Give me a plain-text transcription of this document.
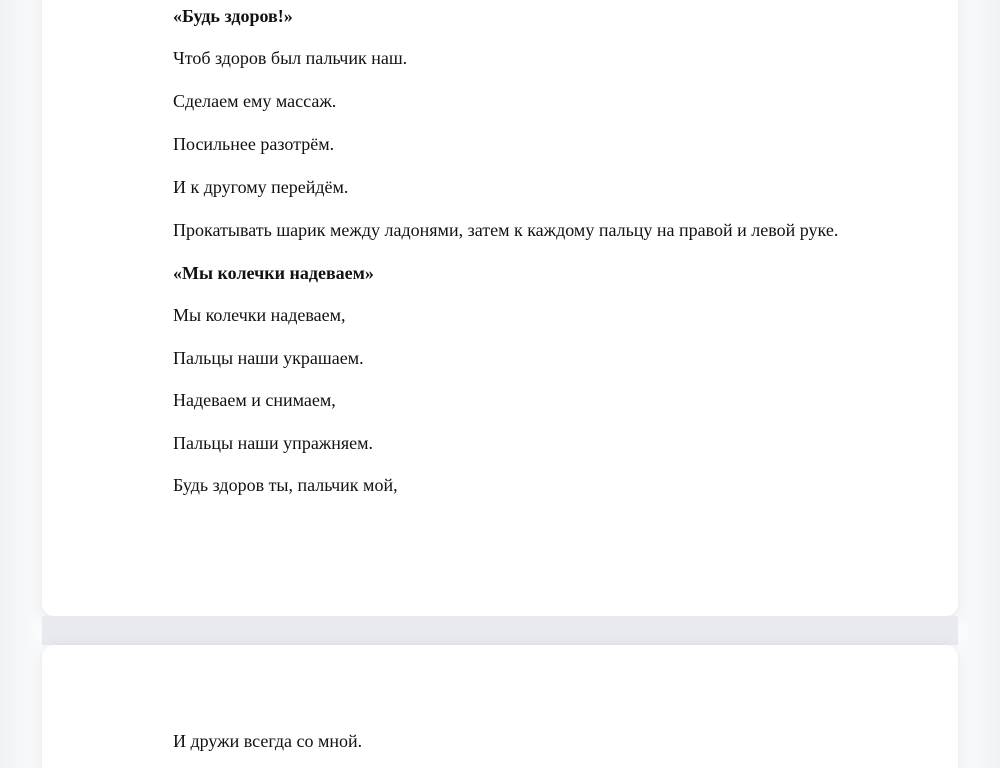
«Будь здоров!»

Чтоб здоров был пальчик наш.

Сделаем ему массаж.

Посильнее разотрём.

И к другому перейдём.

Прокатывать шарик между ладонями, затем к каждому пальцу на правой и левой руке.

«Мы колечки надеваем»

Мы колечки надеваем,

Пальцы наши украшаем.

Надеваем и снимаем,

Пальцы наши упражняем.

Будь здоров ты, пальчик мой,

И дружи всегда со мной.
